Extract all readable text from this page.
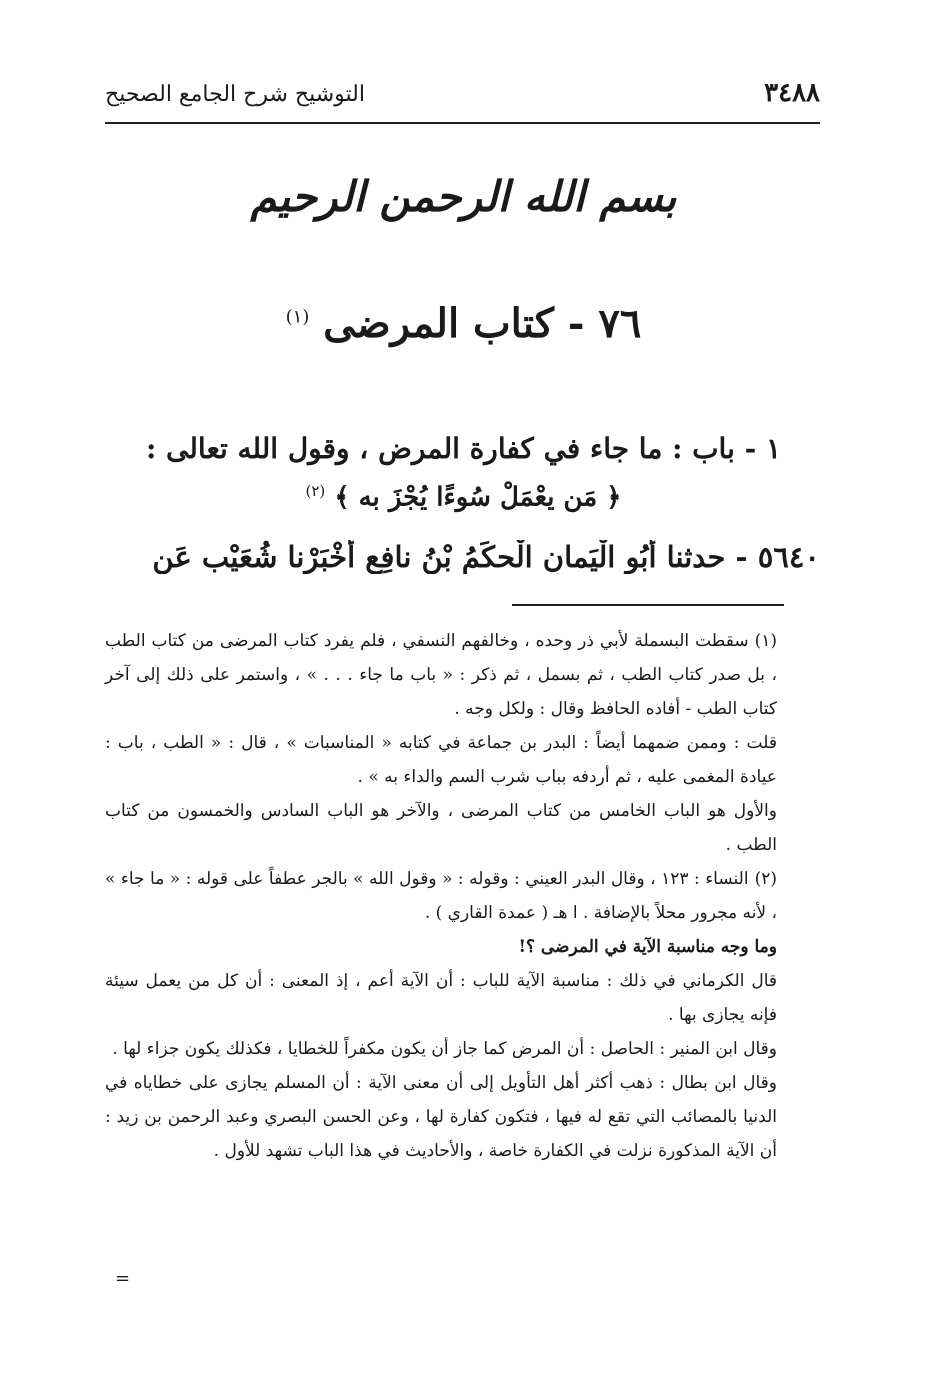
٣٤٨٨
التوشيح شرح الجامع الصحيح
بسم الله الرحمن الرحيم
٧٦ - كتاب المرضى $^{(١)}$
١ - باب : ما جاء في كفارة المرض ، وقول الله تعالى :
﴿ مَن يعْمَلْ سُوءًا يُجْزَ به ﴾ $^{(٢)}$
٥٦٤٠ - حدثنا أَبُو الْيَمانِ الْحكَمُ بْنُ نافِعٍ أَخْبَرْنا شُعَيْب عَنِ

(١)سقطت البسملة لأبي ذر وحده ، وخالفهم النسفي ، فلم يفرد كتاب المرضى من كتاب الطب ، بل صدر كتاب الطب ، ثم بسمل ، ثم ذكر : « باب ما جاء . . . » ، واستمر على ذلك إلى آخر كتاب الطب - أفاده الحافظ وقال : ولكل وجه .

قلت : وممن ضمهما أيضاً : البدر بن جماعة في كتابه « المناسبات » ، قال : « الطب ، باب : عيادة المغمى عليه ، ثم أردفه بباب شرب السم والداء به » .

والأول هو الباب الخامس من كتاب المرضى ، والآخر هو الباب السادس والخمسون من كتاب الطب .

(٢)النساء : ١٢٣ ، وقال البدر العيني : وقوله : « وقول الله » بالجر عطفاً على قوله : « ما جاء » ، لأنه مجرور محلاً بالإضافة . ا هـ ( عمدة القاري ) .

وما وجه مناسبة الآية في المرضى ؟!

قال الكرماني في ذلك : مناسبة الآية للباب : أن الآية أعم ، إذ المعنى : أن كل من يعمل سيئة فإنه يجازى بها .

وقال ابن المنير : الحاصل : أن المرض كما جاز أن يكون مكفراً للخطايا ، فكذلك يكون جزاء لها .

وقال ابن بطال : ذهب أكثر أهل التأويل إلى أن معنى الآية : أن المسلم يجازى على خطاياه في الدنيا بالمصائب التي تقع له فيها ، فتكون كفارة لها ، وعن الحسن البصري وعبد الرحمن بن زيد : أن الآية المذكورة نزلت في الكفارة خاصة ، والأحاديث في هذا الباب تشهد للأول .

=
